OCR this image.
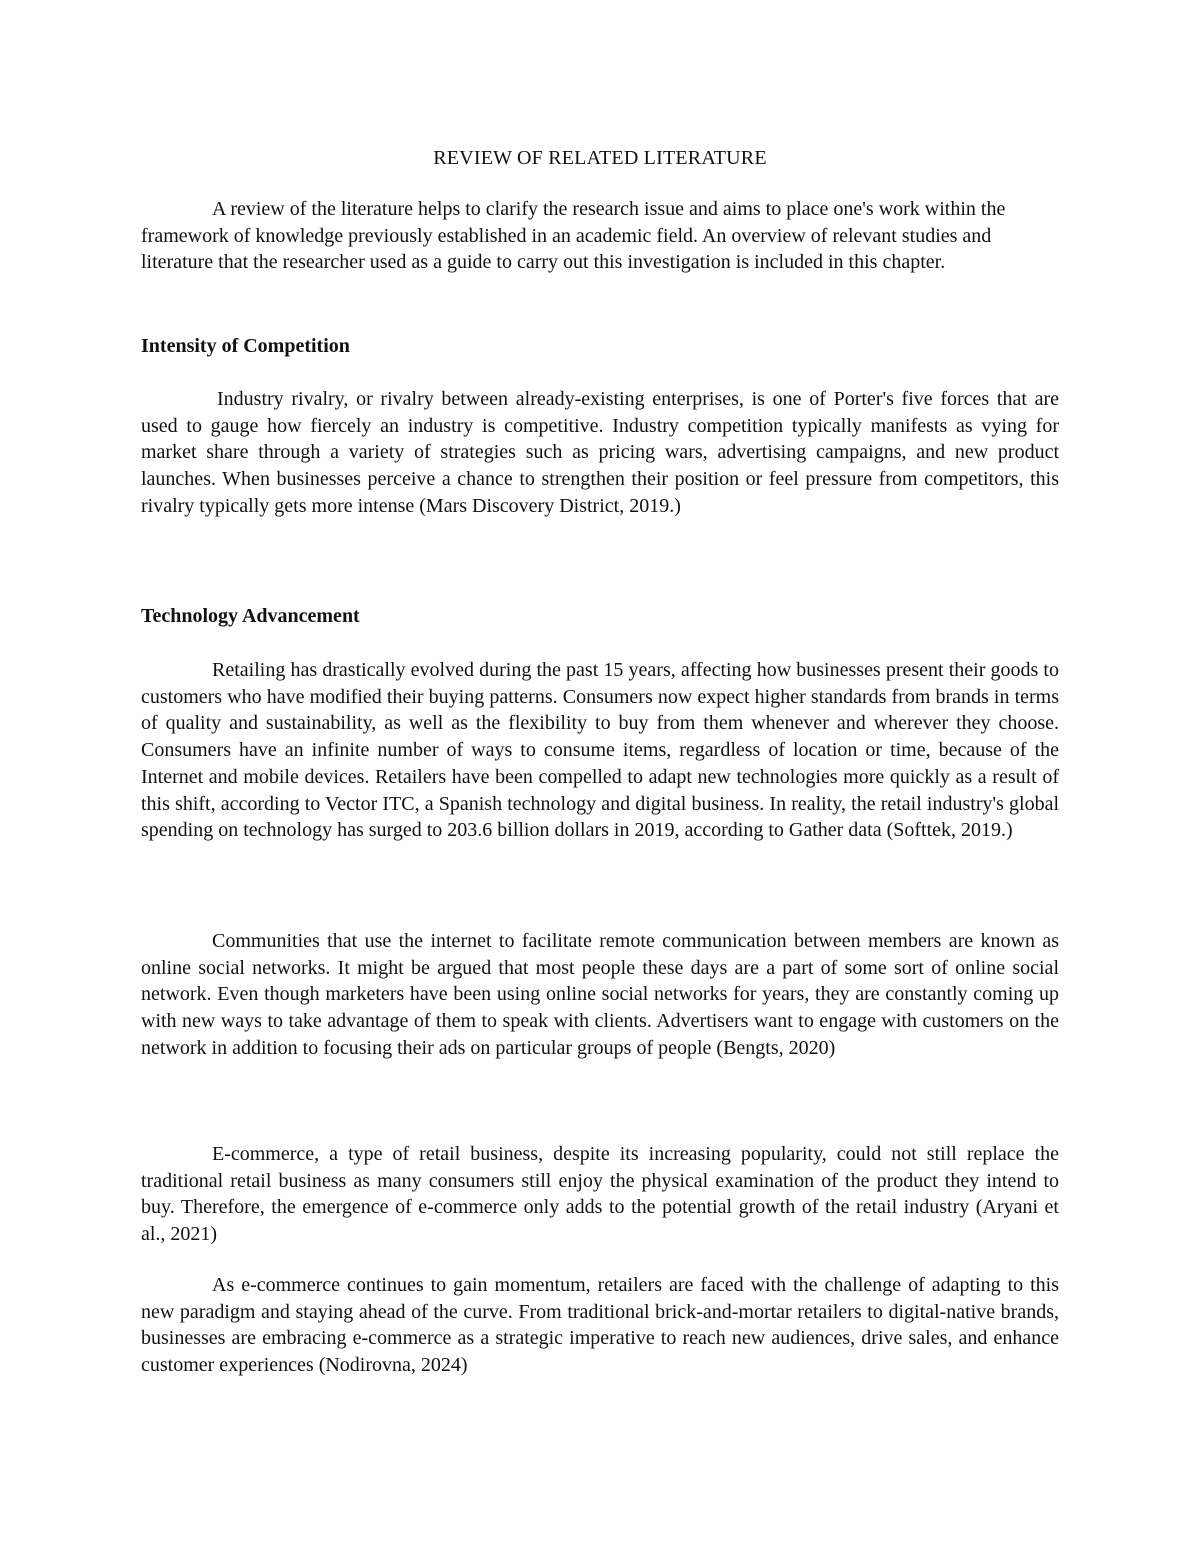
REVIEW OF RELATED LITERATURE

A review of the literature helps to clarify the research issue and aims to place one's work within the framework of knowledge previously established in an academic field. An overview of relevant studies and literature that the researcher used as a guide to carry out this investigation is included in this chapter.

Intensity of Competition

Industry rivalry, or rivalry between already-existing enterprises, is one of Porter's five forces that are used to gauge how fiercely an industry is competitive. Industry competition typically manifests as vying for market share through a variety of strategies such as pricing wars, advertising campaigns, and new product launches. When businesses perceive a chance to strengthen their position or feel pressure from competitors, this rivalry typically gets more intense (Mars Discovery District, 2019.)

Technology Advancement

Retailing has drastically evolved during the past 15 years, affecting how businesses present their goods to customers who have modified their buying patterns. Consumers now expect higher standards from brands in terms of quality and sustainability, as well as the flexibility to buy from them whenever and wherever they choose. Consumers have an infinite number of ways to consume items, regardless of location or time, because of the Internet and mobile devices. Retailers have been compelled to adapt new technologies more quickly as a result of this shift, according to Vector ITC, a Spanish technology and digital business. In reality, the retail industry's global spending on technology has surged to 203.6 billion dollars in 2019, according to Gather data (Softtek, 2019.)

Communities that use the internet to facilitate remote communication between members are known as online social networks. It might be argued that most people these days are a part of some sort of online social network. Even though marketers have been using online social networks for years, they are constantly coming up with new ways to take advantage of them to speak with clients. Advertisers want to engage with customers on the network in addition to focusing their ads on particular groups of people (Bengts, 2020)

E-commerce, a type of retail business, despite its increasing popularity, could not still replace the traditional retail business as many consumers still enjoy the physical examination of the product they intend to buy. Therefore, the emergence of e-commerce only adds to the potential growth of the retail industry (Aryani et al., 2021)

As e-commerce continues to gain momentum, retailers are faced with the challenge of adapting to this new paradigm and staying ahead of the curve. From traditional brick-and-mortar retailers to digital-native brands, businesses are embracing e-commerce as a strategic imperative to reach new audiences, drive sales, and enhance customer experiences (Nodirovna, 2024)
